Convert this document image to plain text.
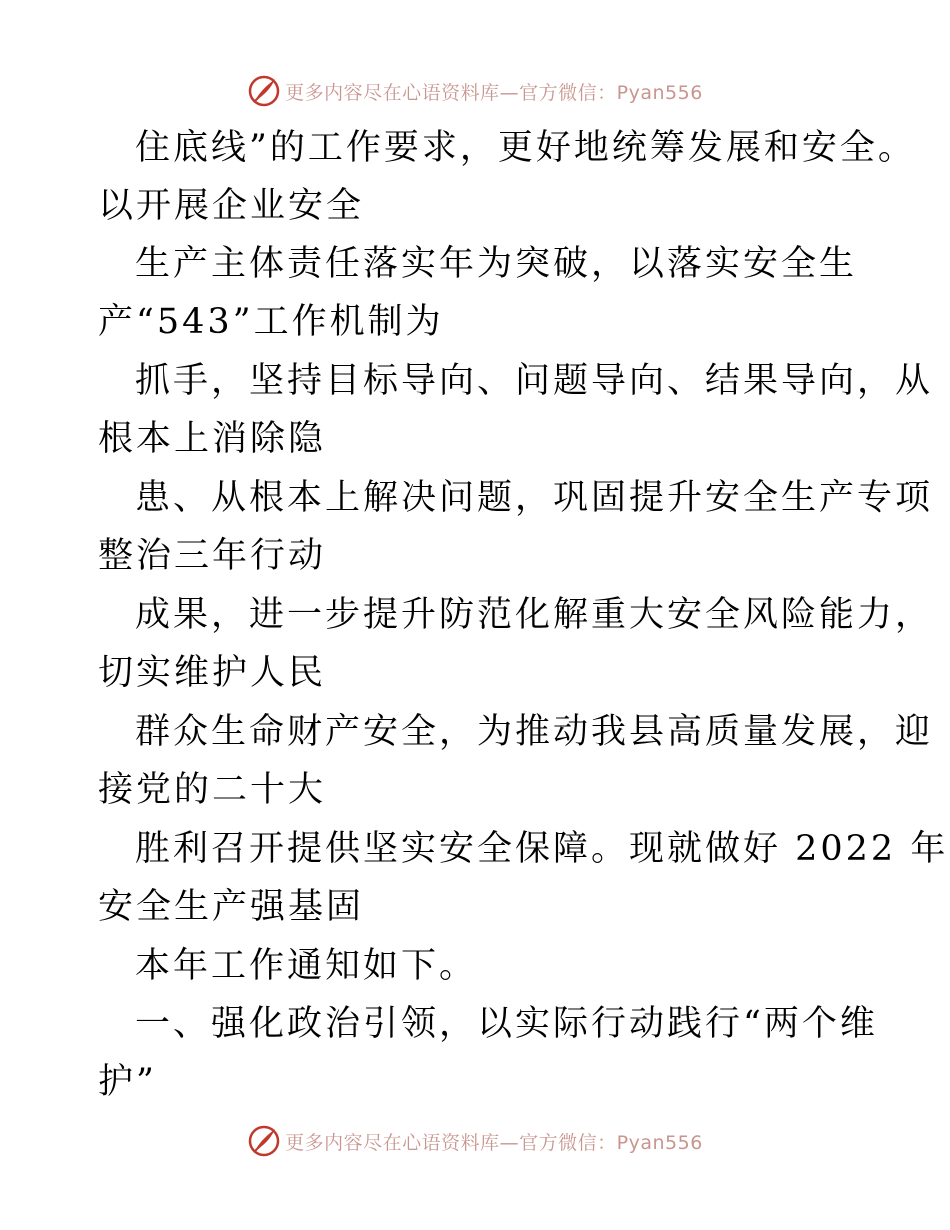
更多内容尽在心语资料库—官方微信：Pyan556
住底线”的工作要求，更好地统筹发展和安全。
以开展企业安全
生产主体责任落实年为突破，以落实安全生
产“543”工作机制为
抓手，坚持目标导向、问题导向、结果导向，从
根本上消除隐
患、从根本上解决问题，巩固提升安全生产专项
整治三年行动
成果，进一步提升防范化解重大安全风险能力，
切实维护人民
群众生命财产安全，为推动我县高质量发展，迎
接党的二十大
胜利召开提供坚实安全保障。现就做好 2022 年
安全生产强基固
本年工作通知如下。
一、强化政治引领，以实际行动践行“两个维
护”
更多内容尽在心语资料库—官方微信：Pyan556
